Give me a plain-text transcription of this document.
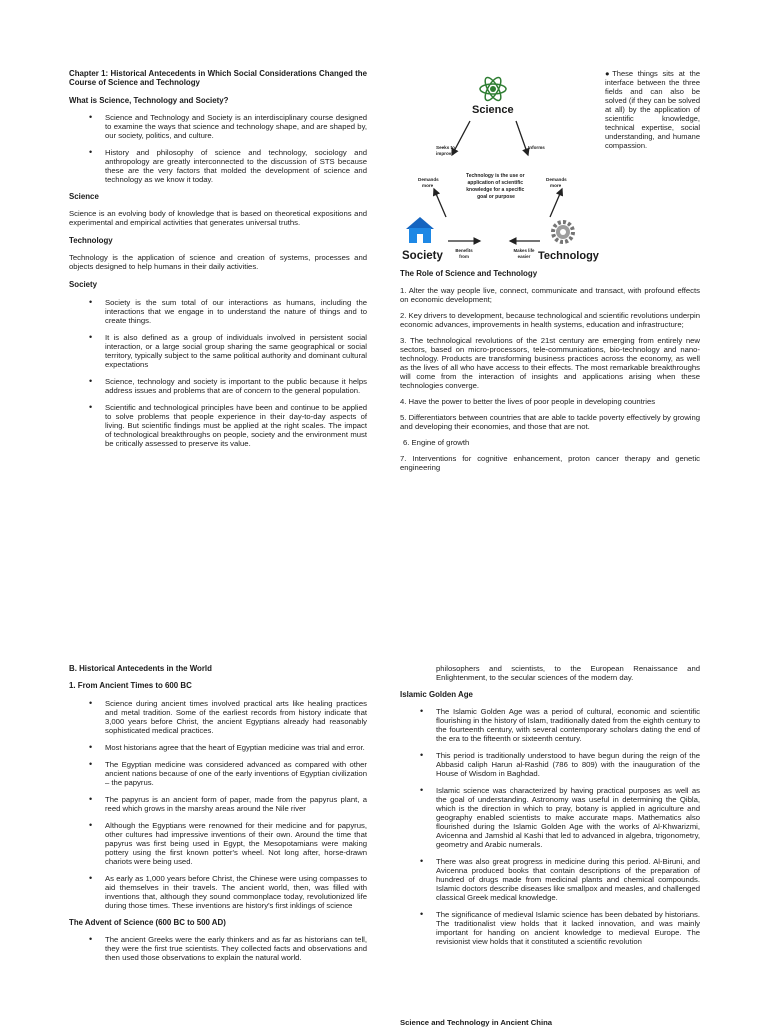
Chapter 1: Historical Antecedents in Which Social Considerations Changed the Course of Science and Technology
What is Science, Technology and Society?
• Science and Technology and Society is an interdisciplinary course designed to examine the ways that science and technology shape, and are shaped by, our society, politics, and culture.
• History and philosophy of science and technology, sociology and anthropology are greatly interconnected to the discussion of STS because these are the very factors that molded the development of science and technology as we know it today.
Science

Science is an evolving body of knowledge that is based on theoretical expositions and experimental and empirical activities that generates universal truths.

Technology

Technology is the application of science and creation of systems, processes and objects designed to help humans in their daily activities.

Society
• Society is the sum total of our interactions as humans, including the interactions that we engage in to understand the nature of things and to create things.
• It is also defined as a group of individuals involved in persistent social interaction, or a large social group sharing the same geographical or social territory, typically subject to the same political authority and dominant cultural expectations
• Science, technology and society is important to the public because it helps address issues and problems that are of concern to the general population.
• Scientific and technological principles have been and continue to be applied to solve problems that people experience in their day-to-day aspects of living. But scientific findings must be applied at the right scales. The impact of technological breakthroughs on people, society and the environment must be critically assessed to preserve its value.
Science
Seeks to improve
Informs
Demands more
Demands more
Technology is the use or application of scientific knowledge for a specific goal or purpose
Benefits from
Makes life easier
Society	Technology
●These things sits at the interface between the three fields and can also be solved (if they can be solved at all) by the application of scientific knowledge, technical expertise, social understanding, and humane compassion.
The Role of Science and Technology

1. Alter the way people live, connect, communicate and transact, with profound effects on economic development;

2. Key drivers to development, because technological and scientific revolutions underpin economic advances, improvements in health systems, education and infrastructure;

3. The technological revolutions of the 21st century are emerging from entirely new sectors, based on micro-processors, tele-communications, bio-technology and nano-technology. Products are transforming business practices across the economy, as well as the lives of all who have access to their effects. The most remarkable breakthroughs will come from the interaction of insights and applications arising when these technologies converge.

4. Have the power to better the lives of poor people in developing countries

5. Differentiators between countries that are able to tackle poverty effectively by growing and developing their economies, and those that are not.

6. Engine of growth

7. Interventions for cognitive enhancement, proton cancer therapy and genetic engineering

B. Historical Antecedents in the World
1. From Ancient Times to 600 BC
• Science during ancient times involved practical arts like healing practices and metal tradition. Some of the earliest records from history indicate that 3,000 years before Christ, the ancient Egyptians already had reasonably sophisticated medical practices.
• Most historians agree that the heart of Egyptian medicine was trial and error.
• The Egyptian medicine was considered advanced as compared with other ancient nations because of one of the early inventions of Egyptian civilization – the papyrus.
• The papyrus is an ancient form of paper, made from the papyrus plant, a reed which grows in the marshy areas around the Nile river
• Although the Egyptians were renowned for their medicine and for papyrus, other cultures had impressive inventions of their own. Around the time that papyrus was first being used in Egypt, the Mesopotamians were making pottery using the first known potter's wheel. Not long after, horse-drawn chariots were being used.
• As early as 1,000 years before Christ, the Chinese were using compasses to aid themselves in their travels. The ancient world, then, was filled with inventions that, although they sound commonplace today, revolutionized life during those times. These inventions are history's first inklings of science
The Advent of Science (600 BC to 500 AD)
• The ancient Greeks were the early thinkers and as far as historians can tell, they were the first true scientists. They collected facts and observations and then used those observations to explain the natural world.
philosophers and scientists, to the European Renaissance and Enlightenment, to the secular sciences of the modern day.
Islamic Golden Age
• The Islamic Golden Age was a period of cultural, economic and scientific flourishing in the history of Islam, traditionally dated from the eighth century to the fourteenth century, with several contemporary scholars dating the end of the era to the fifteenth or sixteenth century.
• This period is traditionally understood to have begun during the reign of the Abbasid caliph Harun al-Rashid (786 to 809) with the inauguration of the House of Wisdom in Baghdad.
• Islamic science was characterized by having practical purposes as well as the goal of understanding. Astronomy was useful in determining the Qibla, which is the direction in which to pray, botany is applied in agriculture and geography enabled scientists to make accurate maps. Mathematics also flourished during the Islamic Golden Age with the works of Al-Khwarizmi, Avicenna and Jamshid al Kashi that led to advanced in algebra, trigonometry, geometry and Arabic numerals.
• There was also great progress in medicine during this period. Al-Biruni, and Avicenna produced books that contain descriptions of the preparation of hundred of drugs made from medicinal plants and chemical compounds. Islamic doctors describe diseases like smallpox and measles, and challenged classical Greek medical knowledge.
• The significance of medieval Islamic science has been debated by historians. The traditionalist view holds that it lacked innovation, and was mainly important for handing on ancient knowledge to medieval Europe. The revisionist view holds that it constituted a scientific revolution
Science and Technology in Ancient China
